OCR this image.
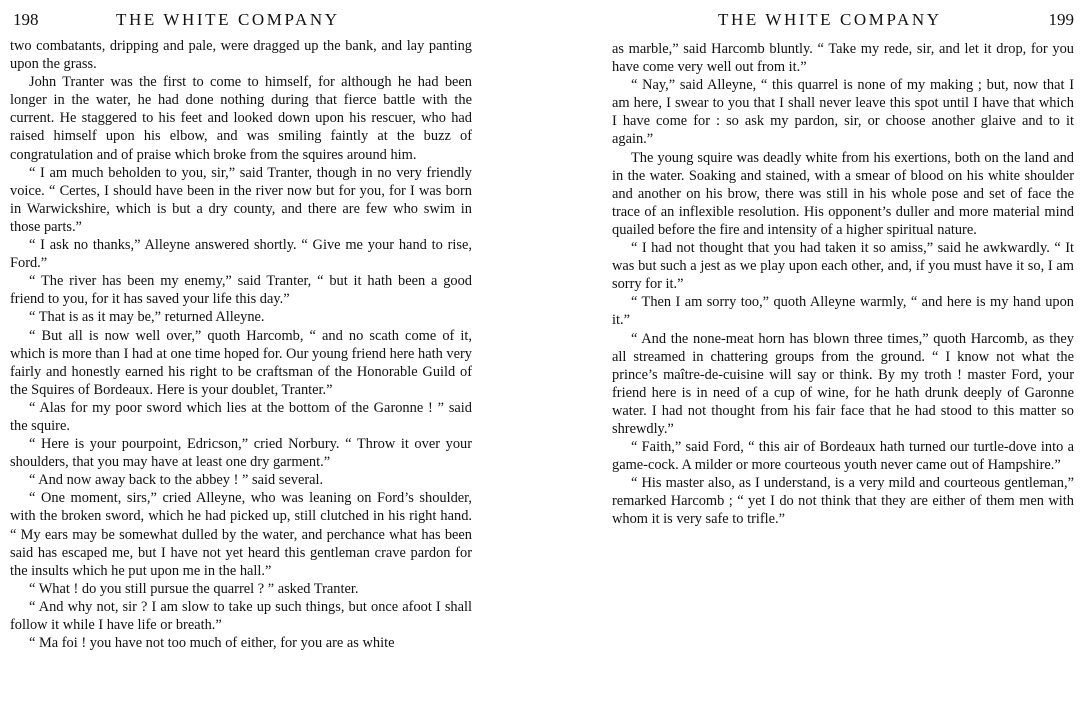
198	THE WHITE COMPANY

two combatants, dripping and pale, were dragged up the bank, and lay panting upon the grass.

John Tranter was the first to come to himself, for although he had been longer in the water, he had done nothing during that fierce battle with the current. He staggered to his feet and looked down upon his rescuer, who had raised himself upon his elbow, and was smiling faintly at the buzz of congratulation and of praise which broke from the squires around him.

“ I am much beholden to you, sir,” said Tranter, though in no very friendly voice. “ Certes, I should have been in the river now but for you, for I was born in Warwickshire, which is but a dry county, and there are few who swim in those parts.”

“ I ask no thanks,” Alleyne answered shortly. “ Give me your hand to rise, Ford.”

“ The river has been my enemy,” said Tranter, “ but it hath been a good friend to you, for it has saved your life this day.”

“ That is as it may be,” returned Alleyne.

“ But all is now well over,” quoth Harcomb, “ and no scath come of it, which is more than I had at one time hoped for. Our young friend here hath very fairly and honestly earned his right to be craftsman of the Honorable Guild of the Squires of Bordeaux. Here is your doublet, Tranter.”

“ Alas for my poor sword which lies at the bottom of the Garonne ! ” said the squire.

“ Here is your pourpoint, Edricson,” cried Norbury. “ Throw it over your shoulders, that you may have at least one dry garment.”

“ And now away back to the abbey ! ” said several.

“ One moment, sirs,” cried Alleyne, who was leaning on Ford’s shoulder, with the broken sword, which he had picked up, still clutched in his right hand. “ My ears may be somewhat dulled by the water, and perchance what has been said has escaped me, but I have not yet heard this gentleman crave pardon for the insults which he put upon me in the hall.”

“ What ! do you still pursue the quarrel ? ” asked Tranter.

“ And why not, sir ? I am slow to take up such things, but once afoot I shall follow it while I have life or breath.”

“ Ma foi ! you have not too much of either, for you are as white

THE WHITE COMPANY	199

as marble,” said Harcomb bluntly. “ Take my rede, sir, and let it drop, for you have come very well out from it.”

“ Nay,” said Alleyne, “ this quarrel is none of my making ; but, now that I am here, I swear to you that I shall never leave this spot until I have that which I have come for : so ask my pardon, sir, or choose another glaive and to it again.”

The young squire was deadly white from his exertions, both on the land and in the water. Soaking and stained, with a smear of blood on his white shoulder and another on his brow, there was still in his whole pose and set of face the trace of an inflexible resolution. His opponent’s duller and more material mind quailed before the fire and intensity of a higher spiritual nature.

“ I had not thought that you had taken it so amiss,” said he awkwardly. “ It was but such a jest as we play upon each other, and, if you must have it so, I am sorry for it.”

“ Then I am sorry too,” quoth Alleyne warmly, “ and here is my hand upon it.”

“ And the none-meat horn has blown three times,” quoth Harcomb, as they all streamed in chattering groups from the ground. “ I know not what the prince’s maître-de-cuisine will say or think. By my troth ! master Ford, your friend here is in need of a cup of wine, for he hath drunk deeply of Garonne water. I had not thought from his fair face that he had stood to this matter so shrewdly.”

“ Faith,” said Ford, “ this air of Bordeaux hath turned our turtle-dove into a game-cock. A milder or more courteous youth never came out of Hampshire.”

“ His master also, as I understand, is a very mild and courteous gentleman,” remarked Harcomb ; “ yet I do not think that they are either of them men with whom it is very safe to trifle.”
